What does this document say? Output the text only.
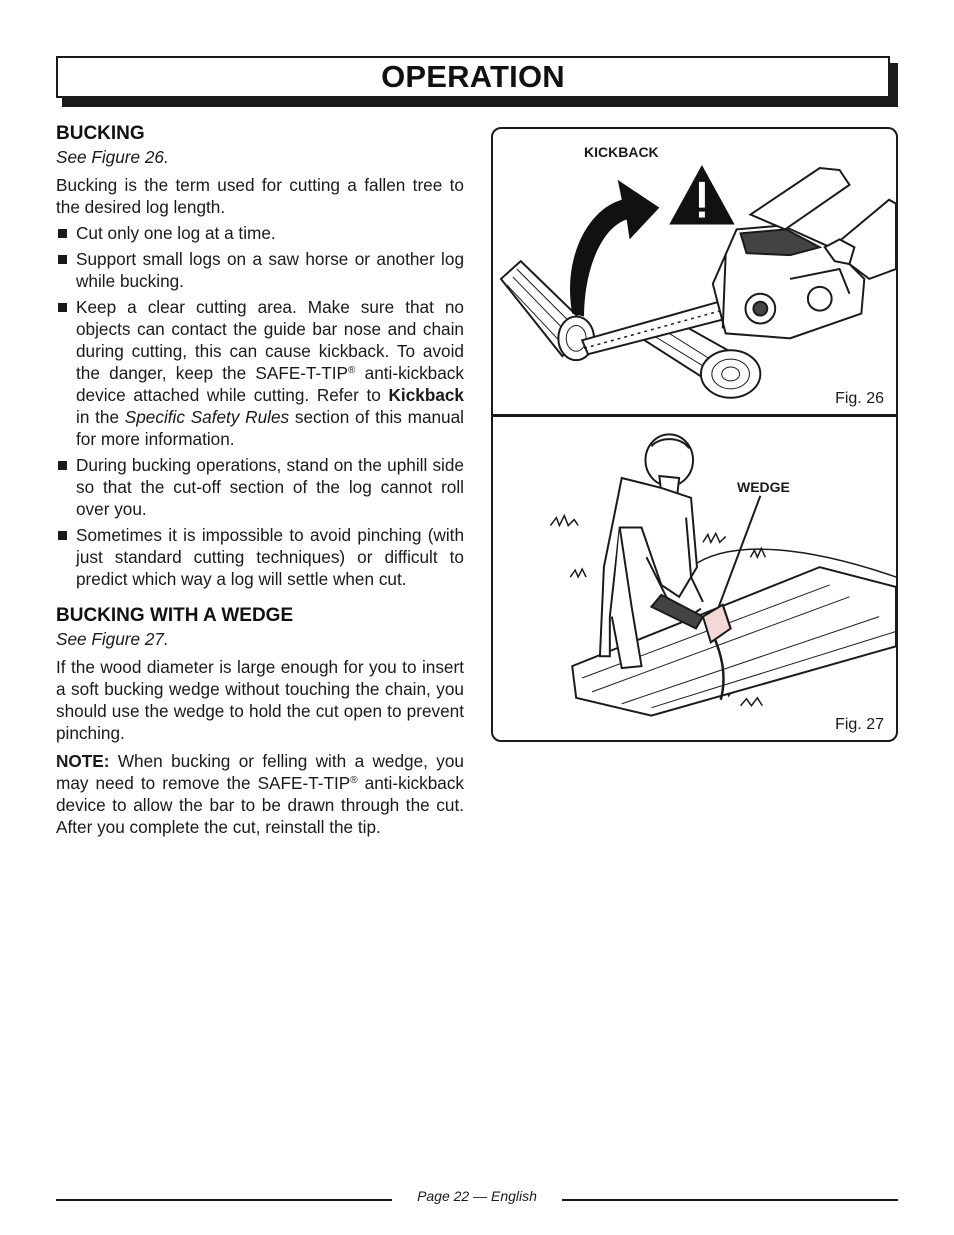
OPERATION

BUCKING

See Figure 26.

Bucking is the term used for cutting a fallen tree to the desired log length.

Cut only one log at a time.
Support small logs on a saw horse or another log while bucking.
Keep a clear cutting area. Make sure that no objects can contact the guide bar nose and chain during cutting, this can cause kickback. To avoid the danger, keep the SAFE-T-TIP® anti-kickback device attached while cutting. Refer to Kickback in the Specific Safety Rules section of this manual for more information.
During bucking operations, stand on the uphill side so that the cut-off section of the log cannot roll over you.
Sometimes it is impossible to avoid pinching (with just standard cutting techniques) or difficult to predict which way a log will settle when cut.

BUCKING WITH A WEDGE

See Figure 27.

If the wood diameter is large enough for you to insert a soft bucking wedge without touching the chain, you should use the wedge to hold the cut open to prevent pinching.

NOTE: When bucking or felling with a wedge, you may need to remove the SAFE-T-TIP® anti-kickback device to allow the bar to be drawn through the cut. After you complete the cut, reinstall the tip.

KICKBACK
Fig. 26
WEDGE
Fig. 27
Page 22 — English
